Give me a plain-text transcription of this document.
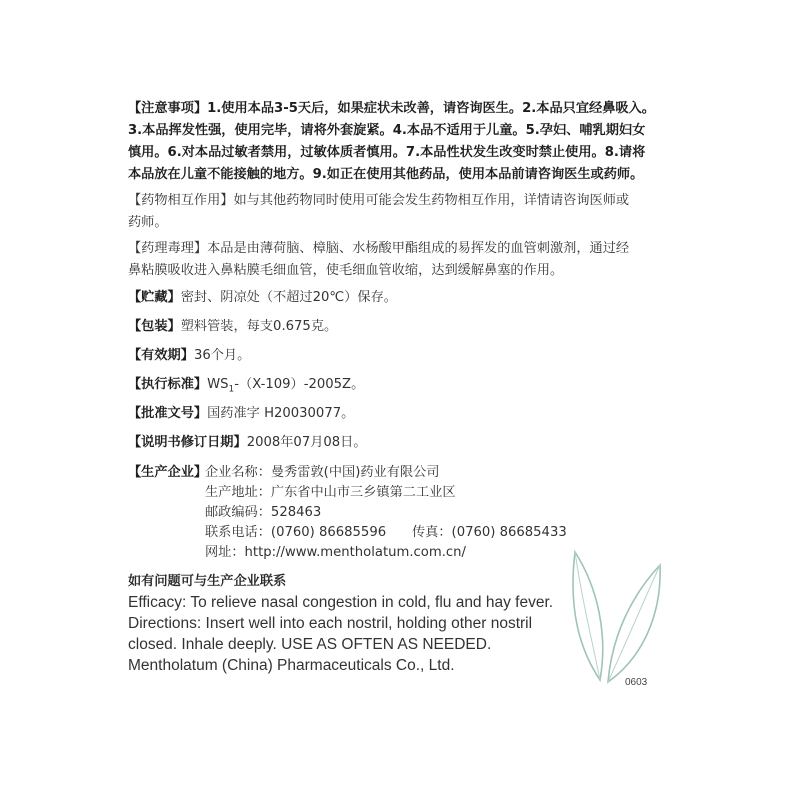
【注意事项】1.使用本品3-5天后，如果症状未改善，请咨询医生。2.本品只宜经鼻吸入。
3.本品挥发性强，使用完毕，请将外套旋紧。4.本品不适用于儿童。5.孕妇、哺乳期妇女
慎用。6.对本品过敏者禁用，过敏体质者慎用。7.本品性状发生改变时禁止使用。8.请将
本品放在儿童不能接触的地方。9.如正在使用其他药品，使用本品前请咨询医生或药师。
【药物相互作用】如与其他药物同时使用可能会发生药物相互作用，详情请咨询医师或
药师。
【药理毒理】本品是由薄荷脑、樟脑、水杨酸甲酯组成的易挥发的血管刺激剂，通过经
鼻粘膜吸收进入鼻粘膜毛细血管，使毛细血管收缩，达到缓解鼻塞的作用。
【贮藏】密封、阴凉处（不超过20℃）保存。
【包装】塑料管装，每支0.675克。
【有效期】36个月。
【执行标准】$WS_1-(X-109)-2005Z$。
【批准文号】国药准字 H20030077。
【说明书修订日期】2008年07月08日。
【生产企业】
企业名称：曼秀雷敦(中国)药业有限公司
生产地址：广东省中山市三乡镇第二工业区
邮政编码：528463
联系电话：(0760) 86685596 传真：(0760) 86685433
网址：http://www.mentholatum.com.cn/
如有问题可与生产企业联系
Efficacy: To relieve nasal congestion in cold, flu and hay fever.
Directions: Insert well into each nostril, holding other nostril
closed. Inhale deeply. USE AS OFTEN AS NEEDED.
Mentholatum (China) Pharmaceuticals Co., Ltd.
0603
